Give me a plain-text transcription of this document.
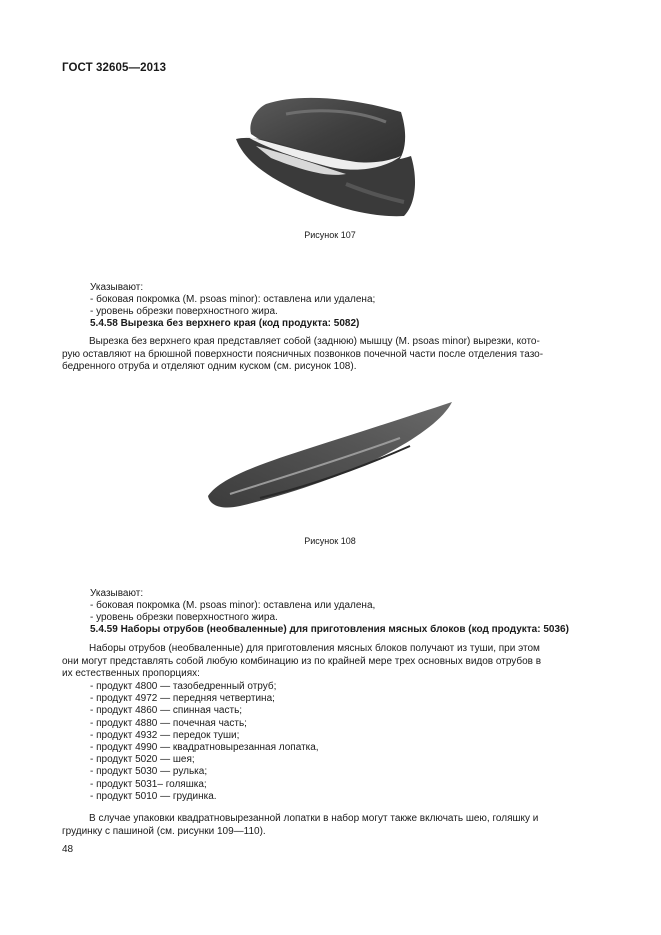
ГОСТ 32605—2013
Рисунок 107

Указывают:

- боковая покромка (M. psoas minor): оставлена или удалена;
- уровень обрезки поверхностного жира.

5.4.58 Вырезка без верхнего края (код продукта: 5082)

Вырезка без верхнего края представляет собой (заднюю) мышцу (M. psoas minor) вырезки, кото-

рую оставляют на брюшной поверхности поясничных позвонков почечной части после отделения тазо-

бедренного отруба и отделяют одним куском (см. рисунок 108).

Рисунок 108

Указывают:

- боковая покромка (M. psoas minor): оставлена или удалена,
- уровень обрезки поверхностного жира.

5.4.59 Наборы отрубов (необваленные) для приготовления мясных блоков (код продукта: 5036)

Наборы отрубов (необваленные) для приготовления мясных блоков получают из туши, при этом

они могут представлять собой любую комбинацию из по крайней мере трех основных видов отрубов в

их естественных пропорциях:

- продукт 4800 — тазобедренный отруб;
- продукт 4972 — передняя четвертина;
- продукт 4860 — спинная часть;
- продукт 4880 — почечная часть;
- продукт 4932 — передок туши;
- продукт 4990 — квадратновырезанная лопатка,
- продукт 5020 — шея;
- продукт 5030 — рулька;
- продукт 5031– голяшка;
- продукт 5010 — грудинка.

В случае упаковки квадратновырезанной лопатки в набор могут также включать шею, голяшку и

грудинку с пашиной (см. рисунки 109—110).

48
